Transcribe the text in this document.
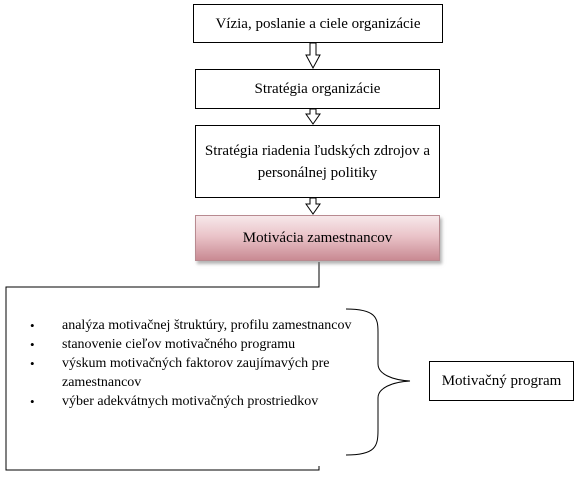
Vízia, poslanie a ciele organizácie
Stratégia organizácie
Stratégia riadenia ľudských zdrojov a personálnej politiky
Motivácia zamestnancov
Motivačný program
• analýza motivačnej štruktúry, profilu zamestnancov
• stanovenie cieľov motivačného programu
• výskum motivačných faktorov zaujímavých pre zamestnancov
• výber adekvátnych motivačných prostriedkov
